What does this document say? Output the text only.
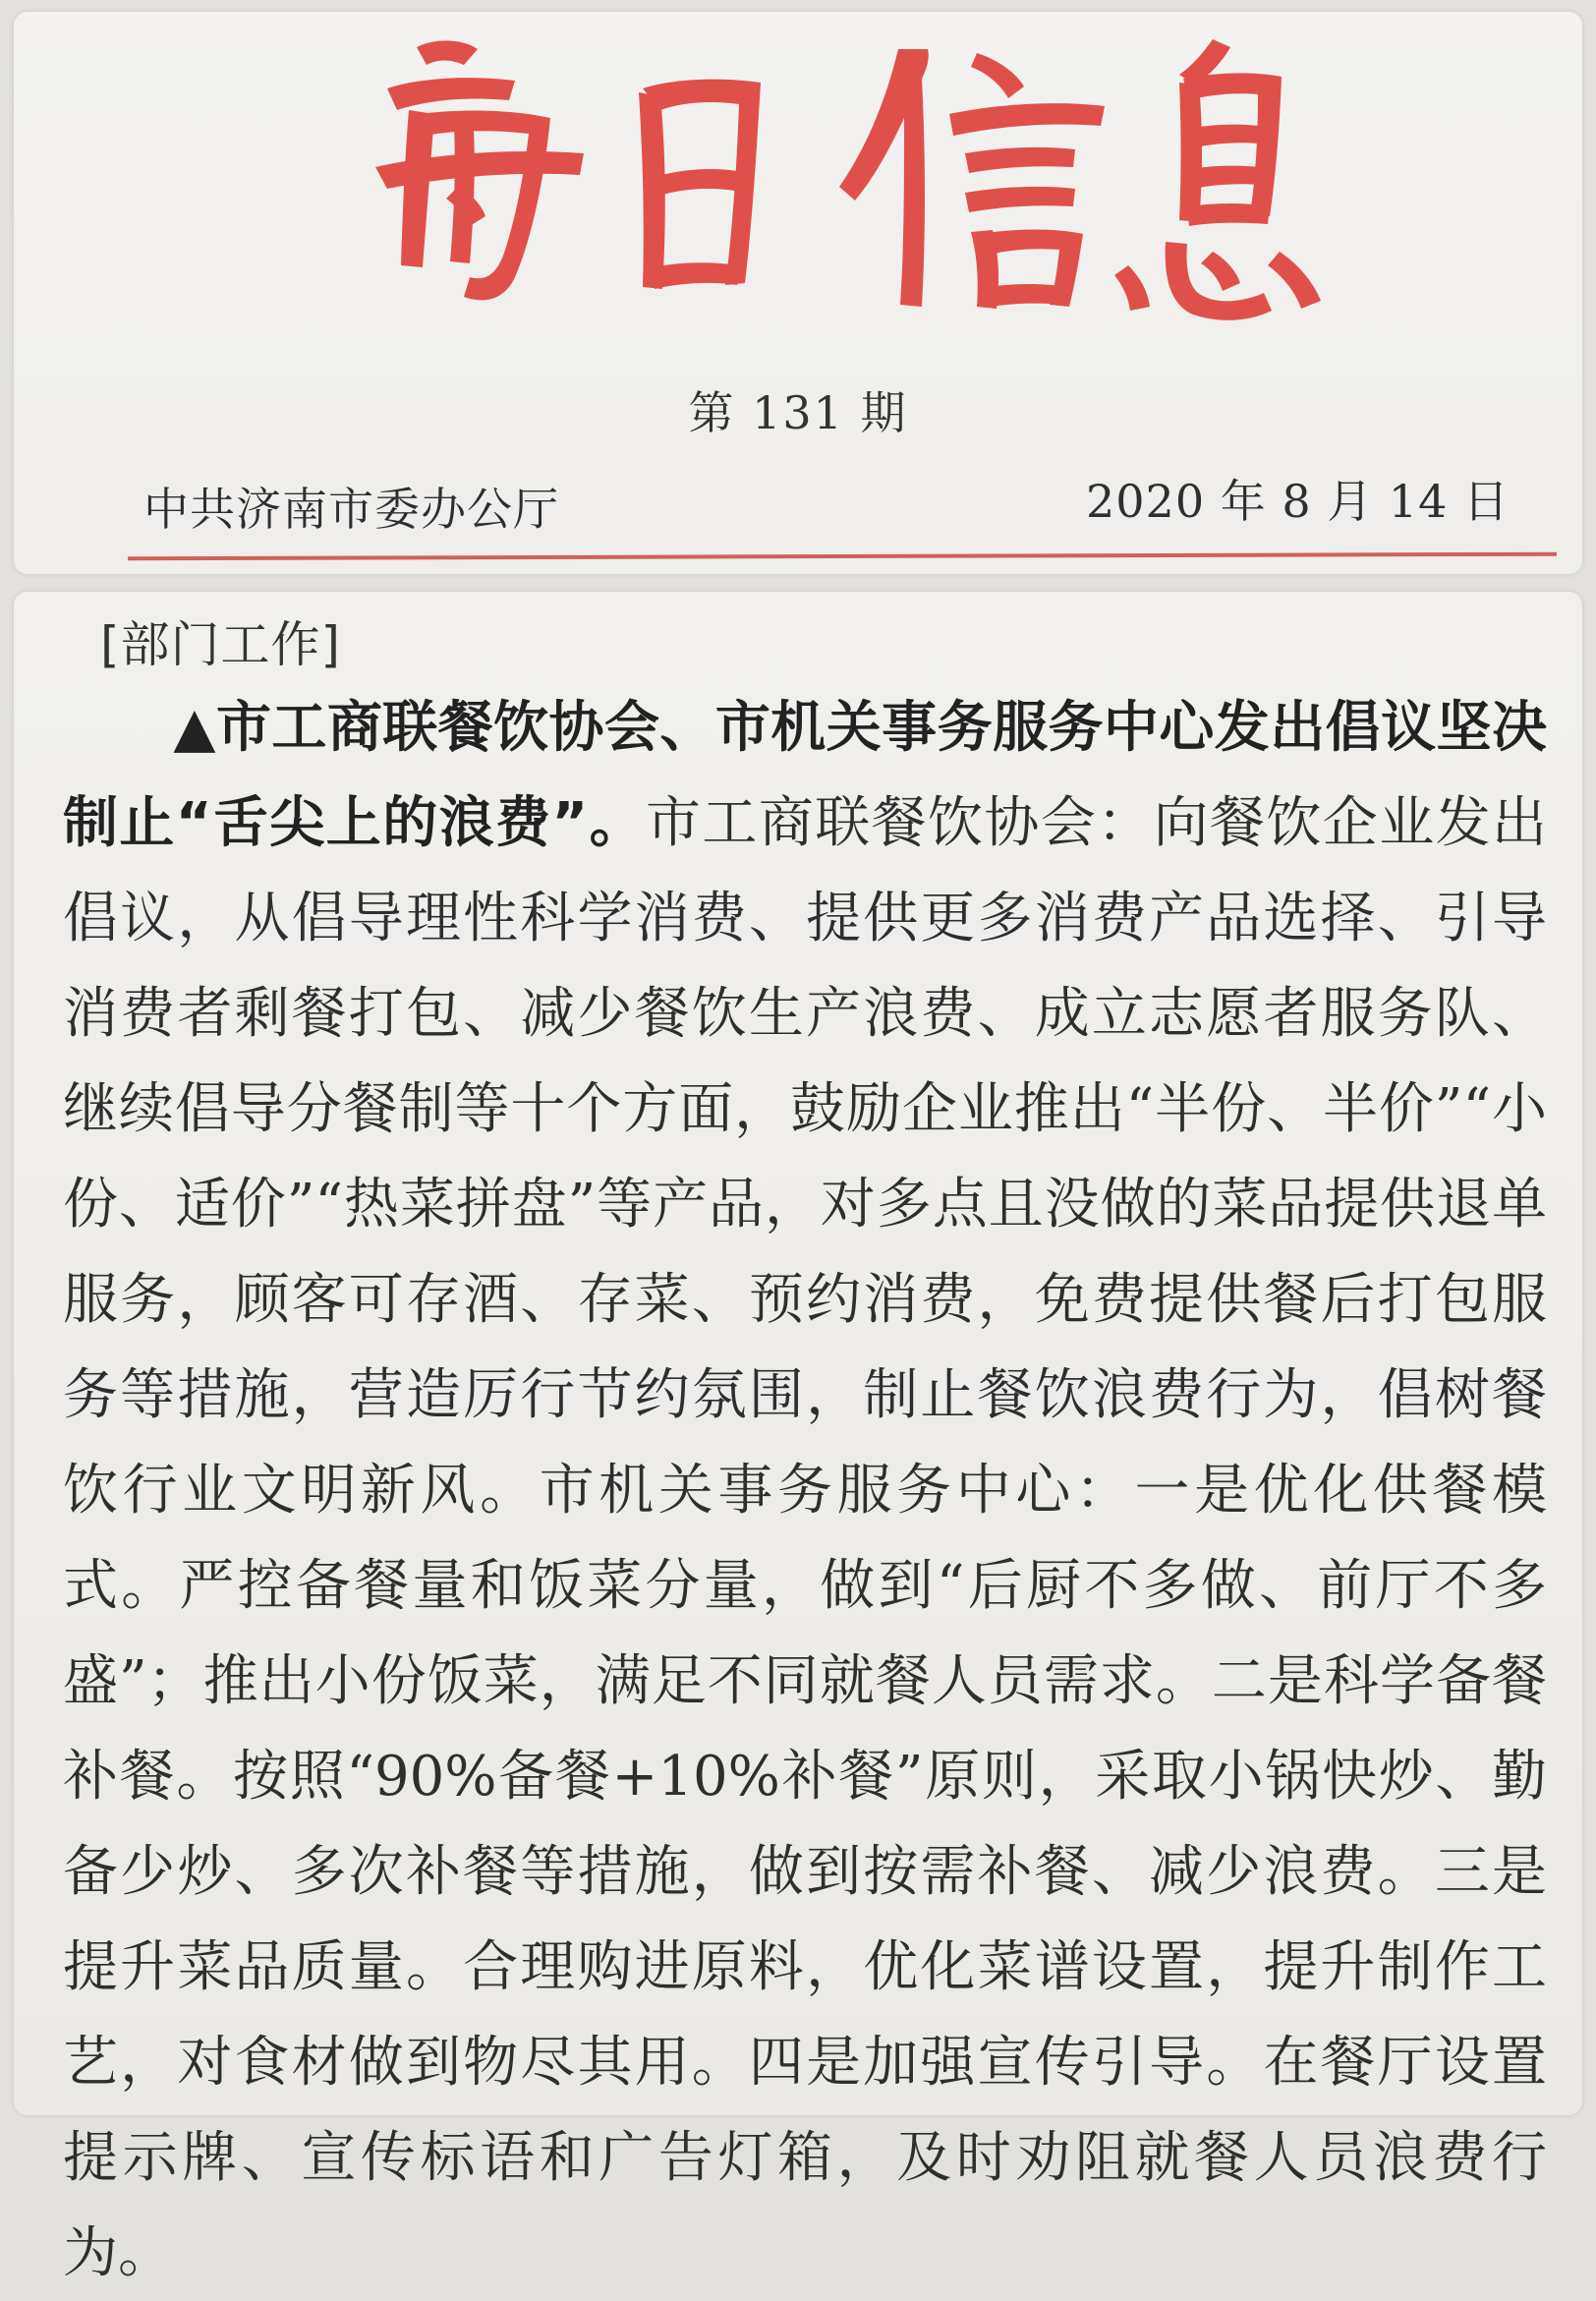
第 131 期
中共济南市委办公厅	2020 年 8 月 14 日
[部门工作]
▲市工商联餐饮协会、市机关事务服务中心发出倡议坚决制止“舌尖上的浪费”。市工商联餐饮协会：向餐饮企业发出倡议，从倡导理性科学消费、提供更多消费产品选择、引导消费者剩餐打包、减少餐饮生产浪费、成立志愿者服务队、继续倡导分餐制等十个方面，鼓励企业推出“半份、半价”“小份、适价”“热菜拼盘”等产品，对多点且没做的菜品提供退单服务，顾客可存酒、存菜、预约消费，免费提供餐后打包服务等措施，营造厉行节约氛围，制止餐饮浪费行为，倡树餐饮行业文明新风。市机关事务服务中心：一是优化供餐模式。严控备餐量和饭菜分量，做到“后厨不多做、前厅不多盛”；推出小份饭菜，满足不同就餐人员需求。二是科学备餐补餐。按照“90%备餐+10%补餐”原则，采取小锅快炒、勤备少炒、多次补餐等措施，做到按需补餐、减少浪费。三是提升菜品质量。合理购进原料，优化菜谱设置，提升制作工艺，对食材做到物尽其用。四是加强宣传引导。在餐厅设置提示牌、宣传标语和广告灯箱，及时劝阻就餐人员浪费行为。
